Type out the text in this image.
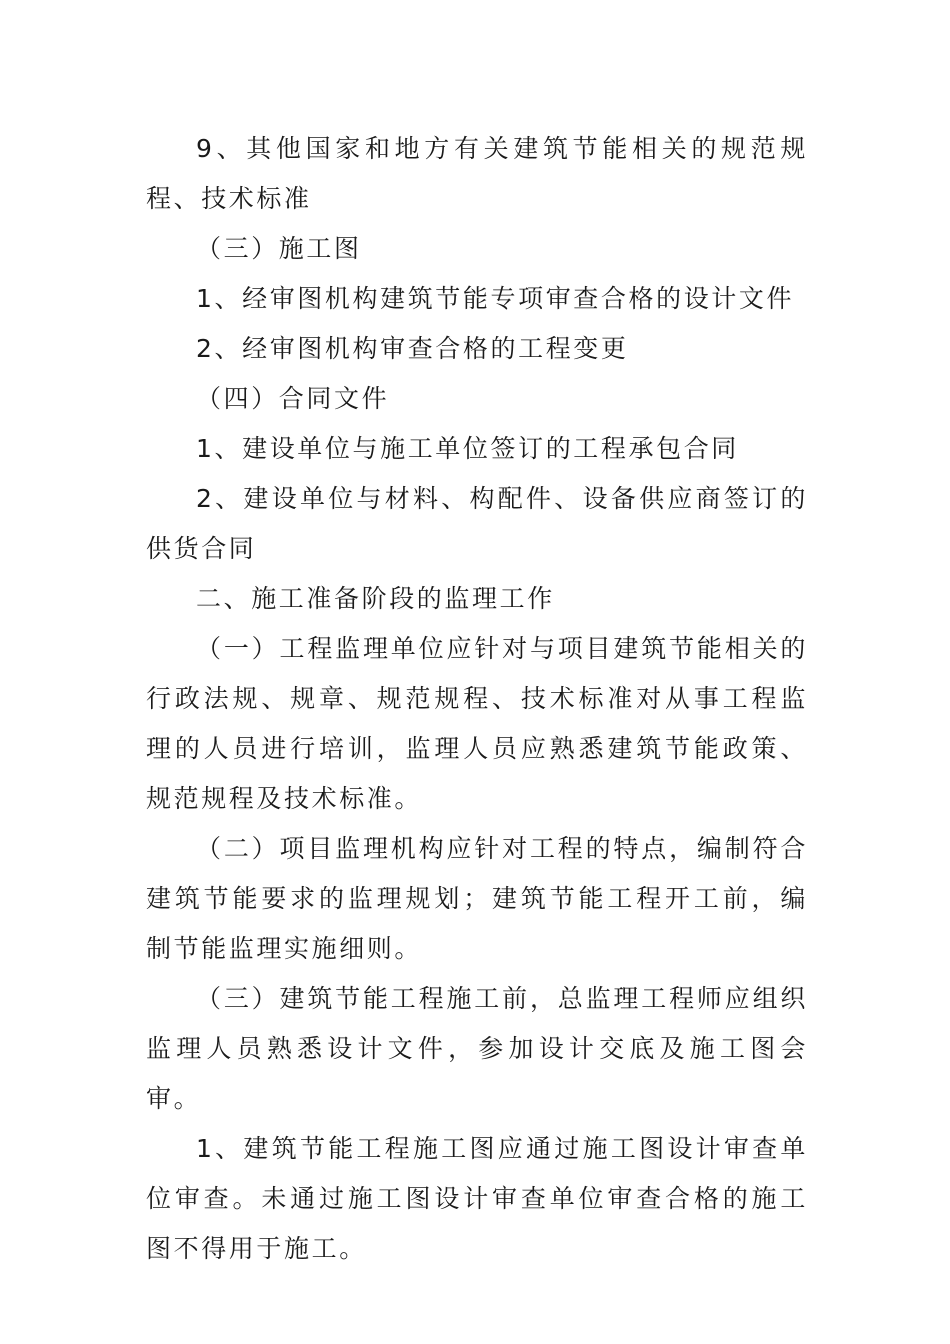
9、其他国家和地方有关建筑节能相关的规范规程、技术标准

（三）施工图

1、经审图机构建筑节能专项审查合格的设计文件

2、经审图机构审查合格的工程变更

（四）合同文件

1、建设单位与施工单位签订的工程承包合同

2、建设单位与材料、构配件、设备供应商签订的供货合同

二、施工准备阶段的监理工作

（一）工程监理单位应针对与项目建筑节能相关的行政法规、规章、规范规程、技术标准对从事工程监理的人员进行培训，监理人员应熟悉建筑节能政策、规范规程及技术标准。

（二）项目监理机构应针对工程的特点，编制符合建筑节能要求的监理规划；建筑节能工程开工前，编制节能监理实施细则。

（三）建筑节能工程施工前，总监理工程师应组织监理人员熟悉设计文件，参加设计交底及施工图会审。

1、建筑节能工程施工图应通过施工图设计审查单位审查。未通过施工图设计审查单位审查合格的施工图不得用于施工。
